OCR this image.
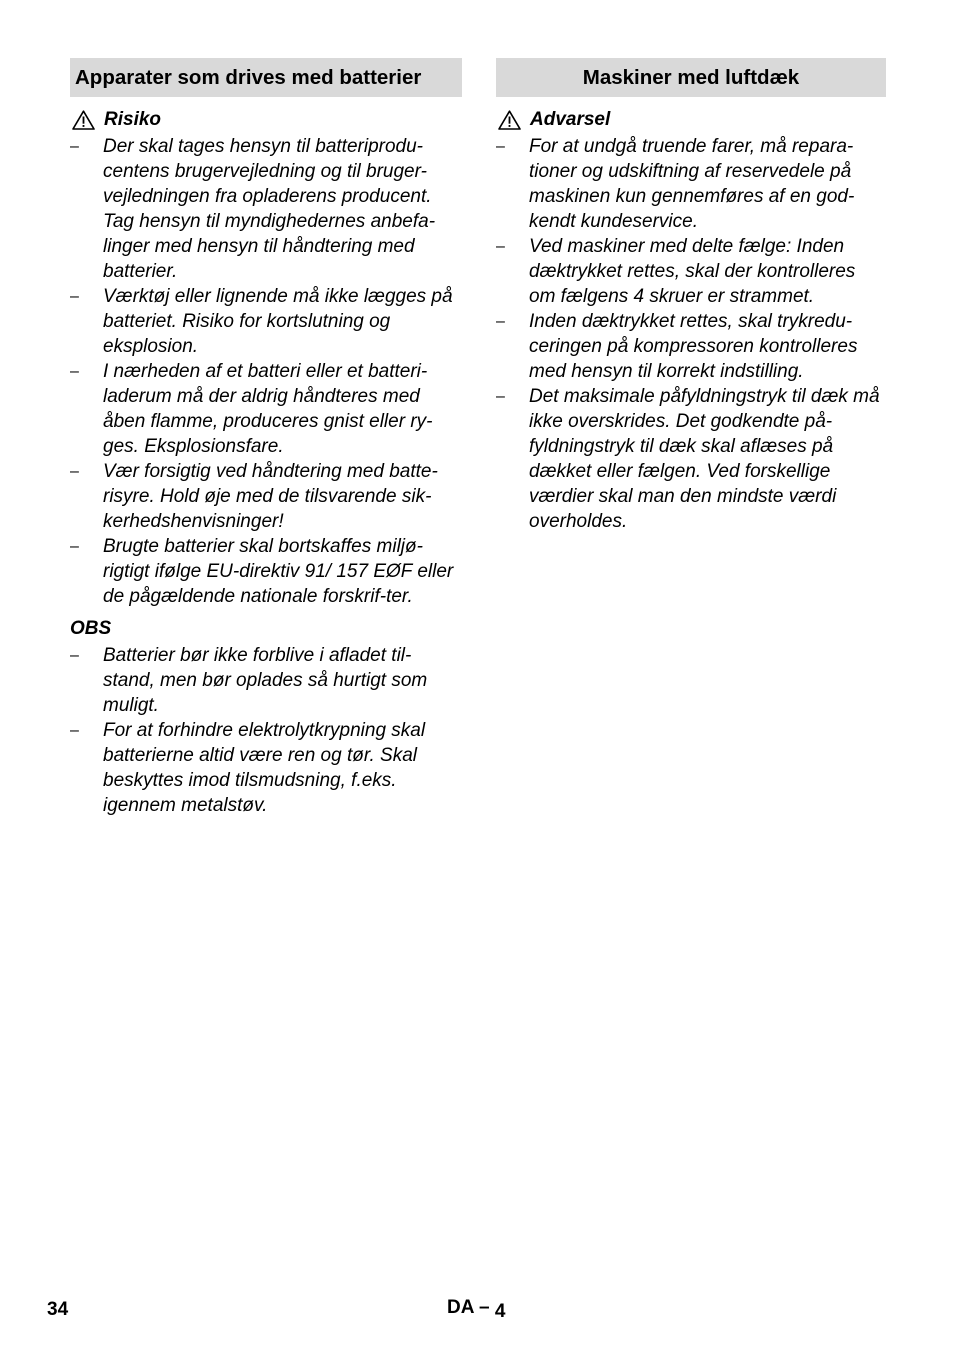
Apparater som drives med batterier
Risiko
– Der skal tages hensyn til batteriprodu-centens brugervejledning og til bruger-vejledningen fra opladerens producent. Tag hensyn til myndighedernes anbefa-linger med hensyn til håndtering med batterier.
– Værktøj eller lignende må ikke lægges på batteriet. Risiko for kortslutning og eksplosion.
– I nærheden af et batteri eller et batteri-laderum må der aldrig håndteres med åben flamme, produceres gnist eller ry-ges. Eksplosionsfare.
– Vær forsigtig ved håndtering med batte-risyre. Hold øje med de tilsvarende sik-kerhedshenvisninger!
– Brugte batterier skal bortskaffes miljø-rigtigt ifølge EU-direktiv 91/ 157 EØF eller de pågældende nationale forskrif-ter.
OBS
– Batterier bør ikke forblive i afladet til-stand, men bør oplades så hurtigt som muligt.
– For at forhindre elektrolytkrypning skal batterierne altid være ren og tør. Skal beskyttes imod tilsmudsning, f.eks. igennem metalstøv.
Maskiner med luftdæk
Advarsel
– For at undgå truende farer, må repara-tioner og udskiftning af reservedele på maskinen kun gennemføres af en god-kendt kundeservice.
– Ved maskiner med delte fælge: Inden dæktrykket rettes, skal der kontrolleres om fælgens 4 skruer er strammet.
– Inden dæktrykket rettes, skal trykredu-ceringen på kompressoren kontrolleres med hensyn til korrekt indstilling.
– Det maksimale påfyldningstryk til dæk må ikke overskrides. Det godkendte på-fyldningstryk til dæk skal aflæses på dækket eller fælgen. Ved forskellige værdier skal man den mindste værdi overholdes.
34	DA – 4
